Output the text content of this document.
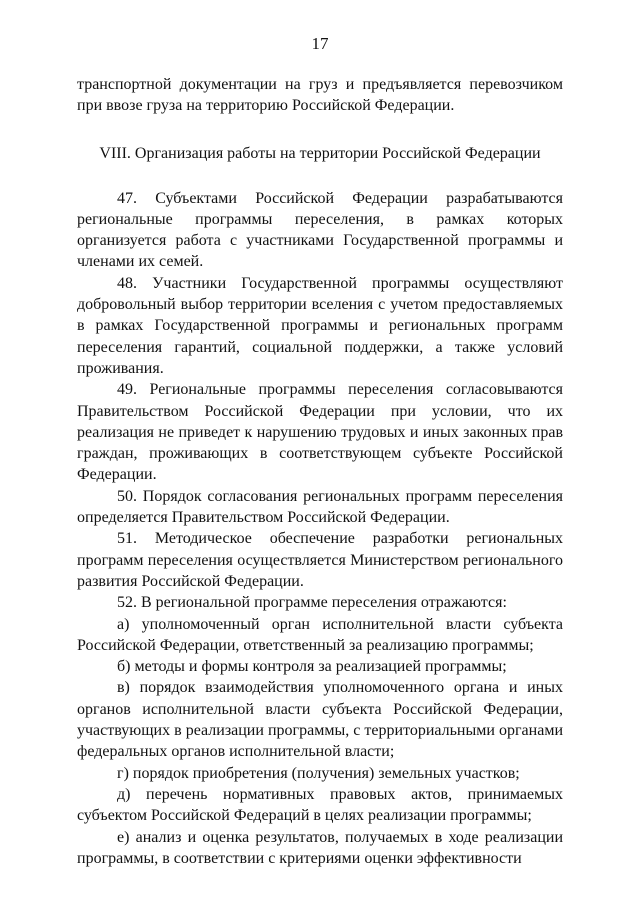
17

транспортной документации на груз и предъявляется перевозчиком при ввозе груза на территорию Российской Федерации.

VIII. Организация работы на территории Российской Федерации

47. Субъектами Российской Федерации разрабатываются региональные программы переселения, в рамках которых организуется работа с участниками Государственной программы и членами их семей.

48. Участники Государственной программы осуществляют добровольный выбор территории вселения с учетом предоставляемых в рамках Государственной программы и региональных программ переселения гарантий, социальной поддержки, а также условий проживания.

49. Региональные программы переселения согласовываются Правительством Российской Федерации при условии, что их реализация не приведет к нарушению трудовых и иных законных прав граждан, проживающих в соответствующем субъекте Российской Федерации.

50. Порядок согласования региональных программ переселения определяется Правительством Российской Федерации.

51. Методическое обеспечение разработки региональных программ переселения осуществляется Министерством регионального развития Российской Федерации.

52. В региональной программе переселения отражаются:

а) уполномоченный орган исполнительной власти субъекта Российской Федерации, ответственный за реализацию программы;

б) методы и формы контроля за реализацией программы;

в) порядок взаимодействия уполномоченного органа и иных органов исполнительной власти субъекта Российской Федерации, участвующих в реализации программы, с территориальными органами федеральных органов исполнительной власти;

г) порядок приобретения (получения) земельных участков;

д) перечень нормативных правовых актов, принимаемых субъектом Российской Федераций в целях реализации программы;

е) анализ и оценка результатов, получаемых в ходе реализации программы, в соответствии с критериями оценки эффективности
